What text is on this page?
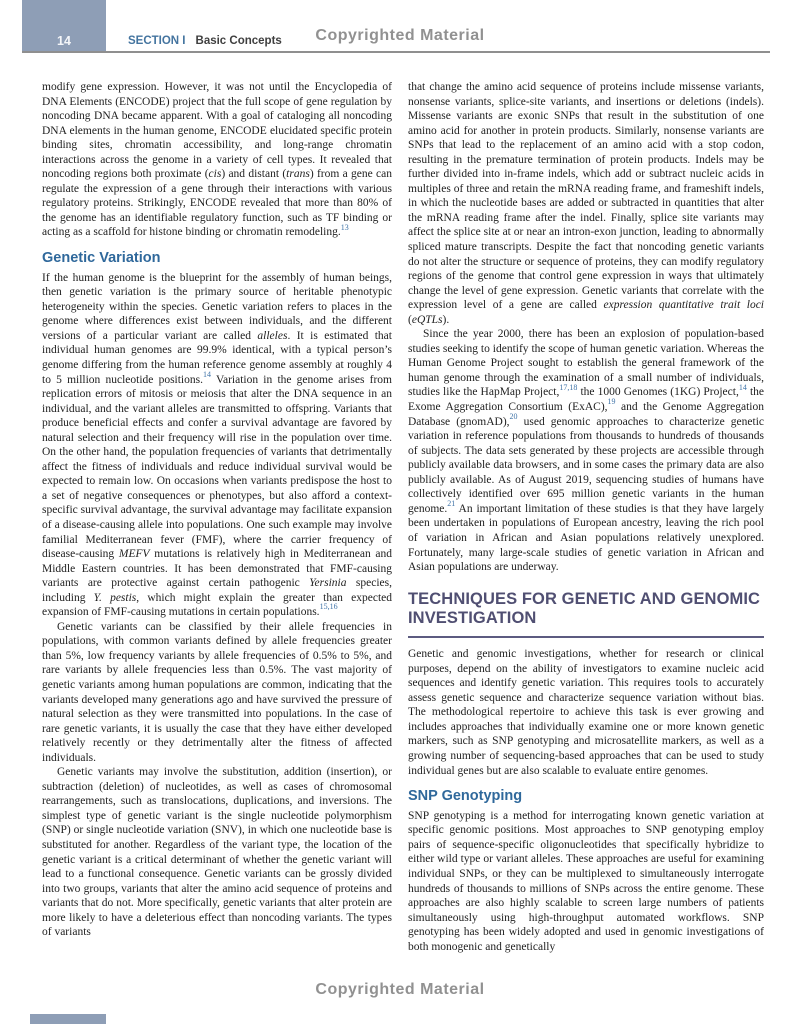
14	SECTION I Basic Concepts	Copyrighted Material

modify gene expression. However, it was not until the Encyclopedia of DNA Elements (ENCODE) project that the full scope of gene regulation by noncoding DNA became apparent. With a goal of cataloging all noncoding DNA elements in the human genome, ENCODE elucidated specific protein binding sites, chromatin accessibility, and long-range chromatin interactions across the genome in a variety of cell types. It revealed that noncoding regions both proximate (cis) and distant (trans) from a gene can regulate the expression of a gene through their interactions with various regulatory proteins. Strikingly, ENCODE revealed that more than 80% of the genome has an identifiable regulatory function, such as TF binding or acting as a scaffold for histone binding or chromatin remodeling.$^{13}$

Genetic Variation

If the human genome is the blueprint for the assembly of human beings, then genetic variation is the primary source of heritable phenotypic heterogeneity within the species. Genetic variation refers to places in the genome where differences exist between individuals, and the different versions of a particular variant are called alleles. It is estimated that individual human genomes are 99.9% identical, with a typical person’s genome differing from the human reference genome assembly at roughly 4 to 5 million nucleotide positions.$^{14}$ Variation in the genome arises from replication errors of mitosis or meiosis that alter the DNA sequence in an individual, and the variant alleles are transmitted to offspring. Variants that produce beneficial effects and confer a survival advantage are favored by natural selection and their frequency will rise in the population over time. On the other hand, the population frequencies of variants that detrimentally affect the fitness of individuals and reduce individual survival would be expected to remain low. On occasions when variants predispose the host to a set of negative consequences or phenotypes, but also afford a context-specific survival advantage, the survival advantage may facilitate expansion of a disease-causing allele into populations. One such example may involve familial Mediterranean fever (FMF), where the carrier frequency of disease-causing MEFV mutations is relatively high in Mediterranean and Middle Eastern countries. It has been demonstrated that FMF-causing variants are protective against certain pathogenic Yersinia species, including Y. pestis, which might explain the greater than expected expansion of FMF-causing mutations in certain populations.$^{15,16}$

Genetic variants can be classified by their allele frequencies in populations, with common variants defined by allele frequencies greater than 5%, low frequency variants by allele frequencies of 0.5% to 5%, and rare variants by allele frequencies less than 0.5%. The vast majority of genetic variants among human populations are common, indicating that the variants developed many generations ago and have survived the pressure of natural selection as they were transmitted into populations. In the case of rare genetic variants, it is usually the case that they have either developed relatively recently or they detrimentally alter the fitness of affected individuals.

Genetic variants may involve the substitution, addition (insertion), or subtraction (deletion) of nucleotides, as well as cases of chromosomal rearrangements, such as translocations, duplications, and inversions. The simplest type of genetic variant is the single nucleotide polymorphism (SNP) or single nucleotide variation (SNV), in which one nucleotide base is substituted for another. Regardless of the variant type, the location of the genetic variant is a critical determinant of whether the genetic variant will lead to a functional consequence. Genetic variants can be grossly divided into two groups, variants that alter the amino acid sequence of proteins and variants that do not. More specifically, genetic variants that alter protein are more likely to have a deleterious effect than noncoding variants. The types of variants

that change the amino acid sequence of proteins include missense variants, nonsense variants, splice-site variants, and insertions or deletions (indels). Missense variants are exonic SNPs that result in the substitution of one amino acid for another in protein products. Similarly, nonsense variants are SNPs that lead to the replacement of an amino acid with a stop codon, resulting in the premature termination of protein products. Indels may be further divided into in-frame indels, which add or subtract nucleic acids in multiples of three and retain the mRNA reading frame, and frameshift indels, in which the nucleotide bases are added or subtracted in quantities that alter the mRNA reading frame after the indel. Finally, splice site variants may affect the splice site at or near an intron-exon junction, leading to abnormally spliced mature transcripts. Despite the fact that noncoding genetic variants do not alter the structure or sequence of proteins, they can modify regulatory regions of the genome that control gene expression in ways that ultimately change the level of gene expression. Genetic variants that correlate with the expression level of a gene are called expression quantitative trait loci (eQTLs).

Since the year 2000, there has been an explosion of population-based studies seeking to identify the scope of human genetic variation. Whereas the Human Genome Project sought to establish the general framework of the human genome through the examination of a small number of individuals, studies like the HapMap Project,$^{17,18}$ the 1000 Genomes (1KG) Project,$^{14}$ the Exome Aggregation Consortium (ExAC),$^{19}$ and the Genome Aggregation Database (gnomAD),$^{20}$ used genomic approaches to characterize genetic variation in reference populations from thousands to hundreds of thousands of subjects. The data sets generated by these projects are accessible through publicly available data browsers, and in some cases the primary data are also publicly available. As of August 2019, sequencing studies of humans have collectively identified over 695 million genetic variants in the human genome.$^{21}$ An important limitation of these studies is that they have largely been undertaken in populations of European ancestry, leaving the rich pool of variation in African and Asian populations relatively unexplored. Fortunately, many large-scale studies of genetic variation in African and Asian populations are underway.

TECHNIQUES FOR GENETIC AND GENOMIC INVESTIGATION

Genetic and genomic investigations, whether for research or clinical purposes, depend on the ability of investigators to examine nucleic acid sequences and identify genetic variation. This requires tools to accurately assess genetic sequence and characterize sequence variation without bias. The methodological repertoire to achieve this task is ever growing and includes approaches that individually examine one or more known genetic markers, such as SNP genotyping and microsatellite markers, as well as a growing number of sequencing-based approaches that can be used to study individual genes but are also scalable to evaluate entire genomes.

SNP Genotyping

SNP genotyping is a method for interrogating known genetic variation at specific genomic positions. Most approaches to SNP genotyping employ pairs of sequence-specific oligonucleotides that specifically hybridize to either wild type or variant alleles. These approaches are useful for examining individual SNPs, or they can be multiplexed to simultaneously interrogate hundreds of thousands to millions of SNPs across the entire genome. These approaches are also highly scalable to screen large numbers of patients simultaneously using high-throughput automated workflows. SNP genotyping has been widely adopted and used in genomic investigations of both monogenic and genetically

Copyrighted Material
